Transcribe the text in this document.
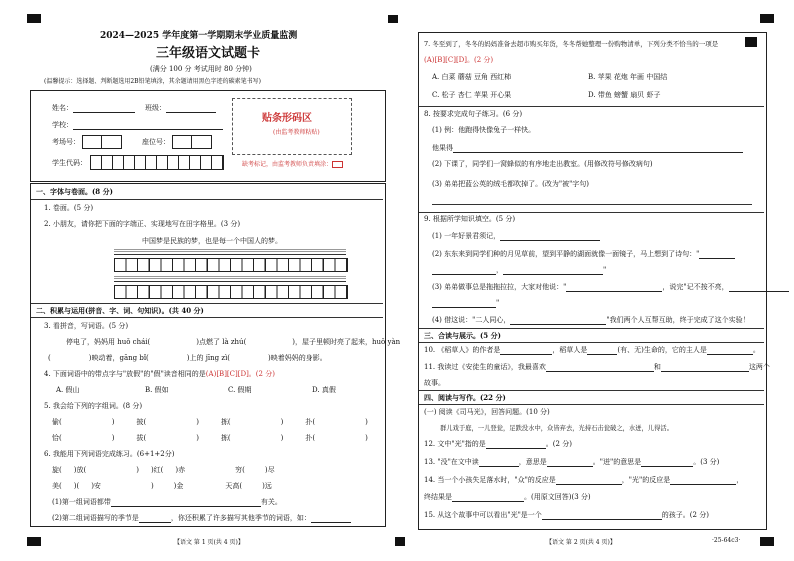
2024—2025 学年度第一学期期末学业质量监测
三年级语文试题卡
(满分 100 分 考试用时 80 分钟)
(温馨提示：选择题、判断题选用2B铅笔填涂，其余题请用黑色字迹的碳素笔书写)
姓名：	班级：
学校：
考场号：	座位号：
学生代码：
贴条形码区
(由监考教师粘贴)
缺考标记，由监考教师负责填涂：
一、字体与卷面。(8 分)
1. 卷面。(5 分)
2. 小朋友，请你把下面的字端正、实现地写在田字格里。(3 分)
中国梦是民族的梦，也是每一个中国人的梦。
二、积累与运用(拼音、字、词、句知识)。(共 40 分)
3. 看拼音，写词语。(5 分)
停电了，妈妈用 huǒ chái(	)点燃了 là zhú(	)，屋子里顿时亮了起来，huǒ yàn
(	)映动着，gāng bǐ(	)上的 jīng zì(	)映着妈妈的身影。
4. 下面词语中的带点字与"放假"的"假"读音相同的是(A)[B][C][D]。(2 分)
A. 假山	B. 假如	C. 假期	D. 真假
5. 我会给下列的字组词。(8 分)
偷(	)	披(	)	拣(	)	扑(	)
恰(	)	拔(	)	拣(	)	扑(	)
6. 我能用下列词语完成练习。(6+1+2分)
旋( )放(	) )红( )赤	穷(	)尽
美( )( )安	)	)金	天高(	)远
(1)第一组词语都带	有关。
(2)第二组词语描写的季节是	，你还积累了许多描写其他季节的词语，如：
【语文 第 1 页(共 4 页)】
7. 冬至到了，冬冬的妈妈准备去超市购买年货，冬冬帮她整理一份购物清单，下列分类不恰当的一项是
(A)[B][C][D]。(2 分)
A. 白菜 蘑菇 豆角 西红柿	B. 苹果 花炮 年画 中国结
C. 松子 杏仁 苹果 开心果	D. 带鱼 螃蟹 扇贝 虾子
8. 按要求完成句子练习。(6 分)
(1) 例：他跑得快像兔子一样快。
他果得
(2) 下课了，同学们一窝蜂似的有序地走出教室。(用修改符号修改病句)
(3) 弟弟把蓝公英的绒毛都吹掉了。(改为"被"字句)
9. 根据所学知识填空。(5 分)
(1) 一年好景君须记，
(2) 东东来到同学们种的月见草前，望到平静的湖面就像一面镜子，马上想到了诗句："
，	"
(3) 弟弟做事总是拖拖拉拉，大家对他说："	，说完"记不按不亮，
"
(4) 借这说："二人同心，	"我们两个人互帮互助，终于完成了这个实验！
三、合读与展示。(5 分)
10. 《稻草人》的作者是	，稻草人是	(有、无)生命的，它的主人是	。
11. 我读过《安徒生的童话》，我最喜欢	和	这两个
故事。
四、阅读与写作。(22 分)
(一) 阅读《司马光》，回答问题。(10 分)
群儿戏于庭，一儿登瓮，足跌没水中，众皆弃去，光持石击瓮破之，水迸，儿得活。
12. 文中"光"指的是	。(2 分)
13. "没"在文中读	，意思是	。"迸"的意思是	。(3 分)
14. 当一个小孩失足落水时，"众"的反应是	，"光"的反应是	，
终结果是	。(用原文回答)(3 分)
15. 从这个故事中可以看出"光"是一个	的孩子。(2 分)
【语文 第 2 页(共 4 页)】	·25-64c3·
